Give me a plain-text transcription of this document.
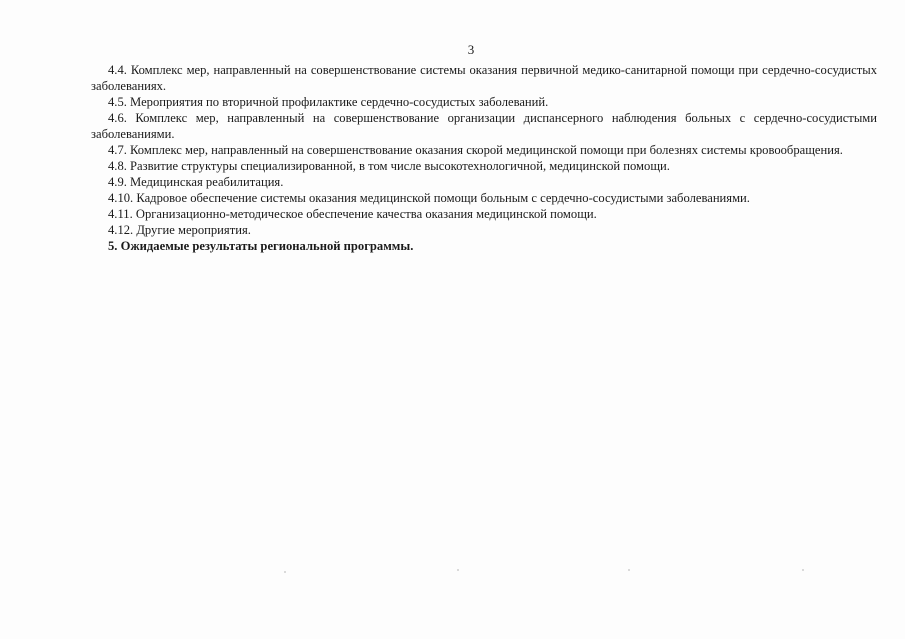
3

4.4. Комплекс мер, направленный на совершенствование системы оказания первичной медико-санитарной помощи при сердечно-сосудистых заболеваниях.

4.5. Мероприятия по вторичной профилактике сердечно-сосудистых заболеваний.

4.6. Комплекс мер, направленный на совершенствование организации диспансерного наблюдения больных с сердечно-сосудистыми заболеваниями.

4.7. Комплекс мер, направленный на совершенствование оказания скорой медицинской помощи при болезнях системы кровообращения.

4.8. Развитие структуры специализированной, в том числе высокотехнологичной, медицинской помощи.

4.9. Медицинская реабилитация.

4.10. Кадровое обеспечение системы оказания медицинской помощи больным с сердечно-сосудистыми заболеваниями.

4.11. Организационно-методическое обеспечение качества оказания медицинской помощи.

4.12. Другие мероприятия.

5. Ожидаемые результаты региональной программы.
